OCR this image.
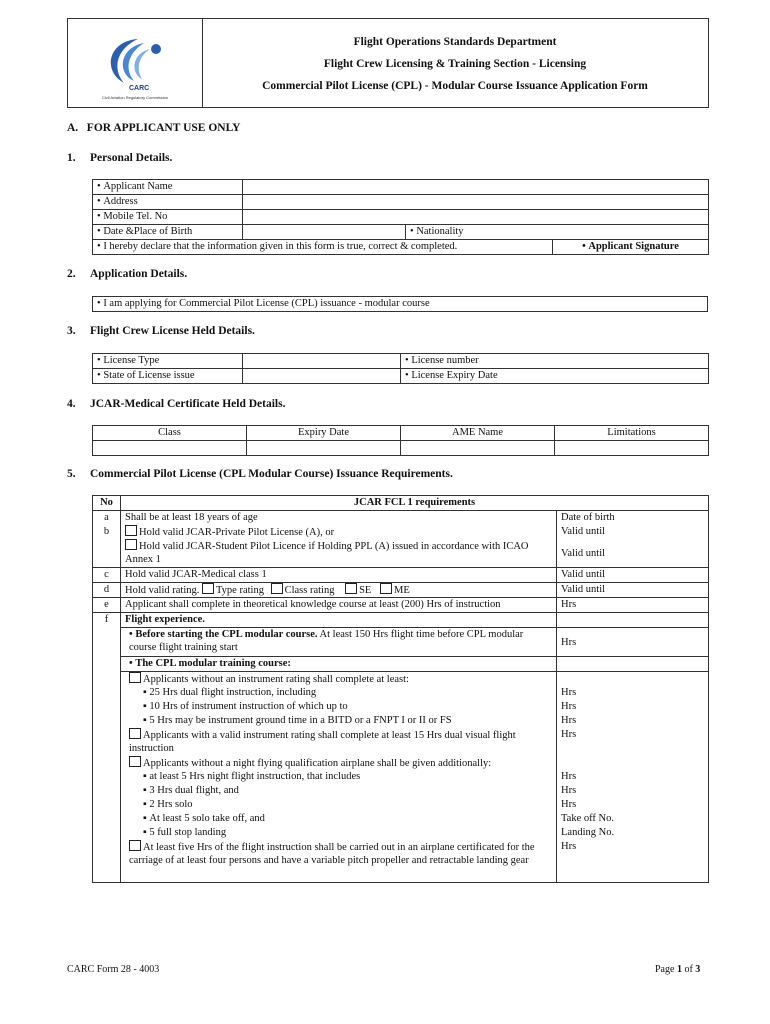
CARC
Civil Aviation Regulatory Commission
Flight Operations Standards Department
Flight Crew Licensing & Training Section - Licensing
Commercial Pilot License (CPL) - Modular Course Issuance Application Form
A.   FOR APPLICANT USE ONLY
1.     Personal Details.
• Applicant Name	
• Address	
• Mobile Tel. No	
• Date &Place of Birth		• Nationality
• I hereby declare that the information given in this form is true, correct & completed.			• Applicant Signature
2.     Application Details.
• I am applying for Commercial Pilot License (CPL) issuance - modular course
3.     Flight Crew License Held Details.
• License Type		• License number
• State of License issue		• License Expiry Date
4.     JCAR-Medical Certificate Held Details.
Class	Expiry Date	AME Name	Limitations

5.     Commercial Pilot License (CPL Modular Course) Issuance Requirements.
No	JCAR FCL 1 requirements	
a	Shall be at least 18 years of age	Date of birth
b	Hold valid JCAR-Private Pilot License (A), or	Valid until
	Hold valid JCAR-Student Pilot Licence if Holding PPL (A) issued in accordance with ICAO Annex 1	Valid until
c	Hold valid JCAR-Medical class 1	Valid until
d	Hold valid rating. Type rating Class rating SE ME	Valid until
e	Applicant shall complete in theoretical knowledge course at least (200) Hrs of instruction	Hrs
f	Flight experience.	
	• Before starting the CPL modular course. At least 150 Hrs flight time before CPL modular course flight training start	Hrs
	• The CPL modular training course:	
	Applicants without an instrument rating shall complete at least:	
	▪ 25 Hrs dual flight instruction, including	Hrs
	▪ 10 Hrs of instrument instruction of which up to	Hrs
	▪ 5 Hrs may be instrument ground time in a BITD or a FNPT I or II or FS	Hrs
	Applicants with a valid instrument rating shall complete at least 15 Hrs dual visual flight instruction	Hrs
	Applicants without a night flying qualification airplane shall be given additionally:	
	▪ at least 5 Hrs night flight instruction, that includes	Hrs
	▪ 3 Hrs dual flight, and	Hrs
	▪ 2 Hrs solo	Hrs
	▪ At least 5 solo take off, and	Take off No.
	▪ 5 full stop landing	Landing No.
	At least five Hrs of the flight instruction shall be carried out in an airplane certificated for the carriage of at least four persons and have a variable pitch propeller and retractable landing gear	Hrs
CARC Form 28 - 4003	Page 1 of 3
